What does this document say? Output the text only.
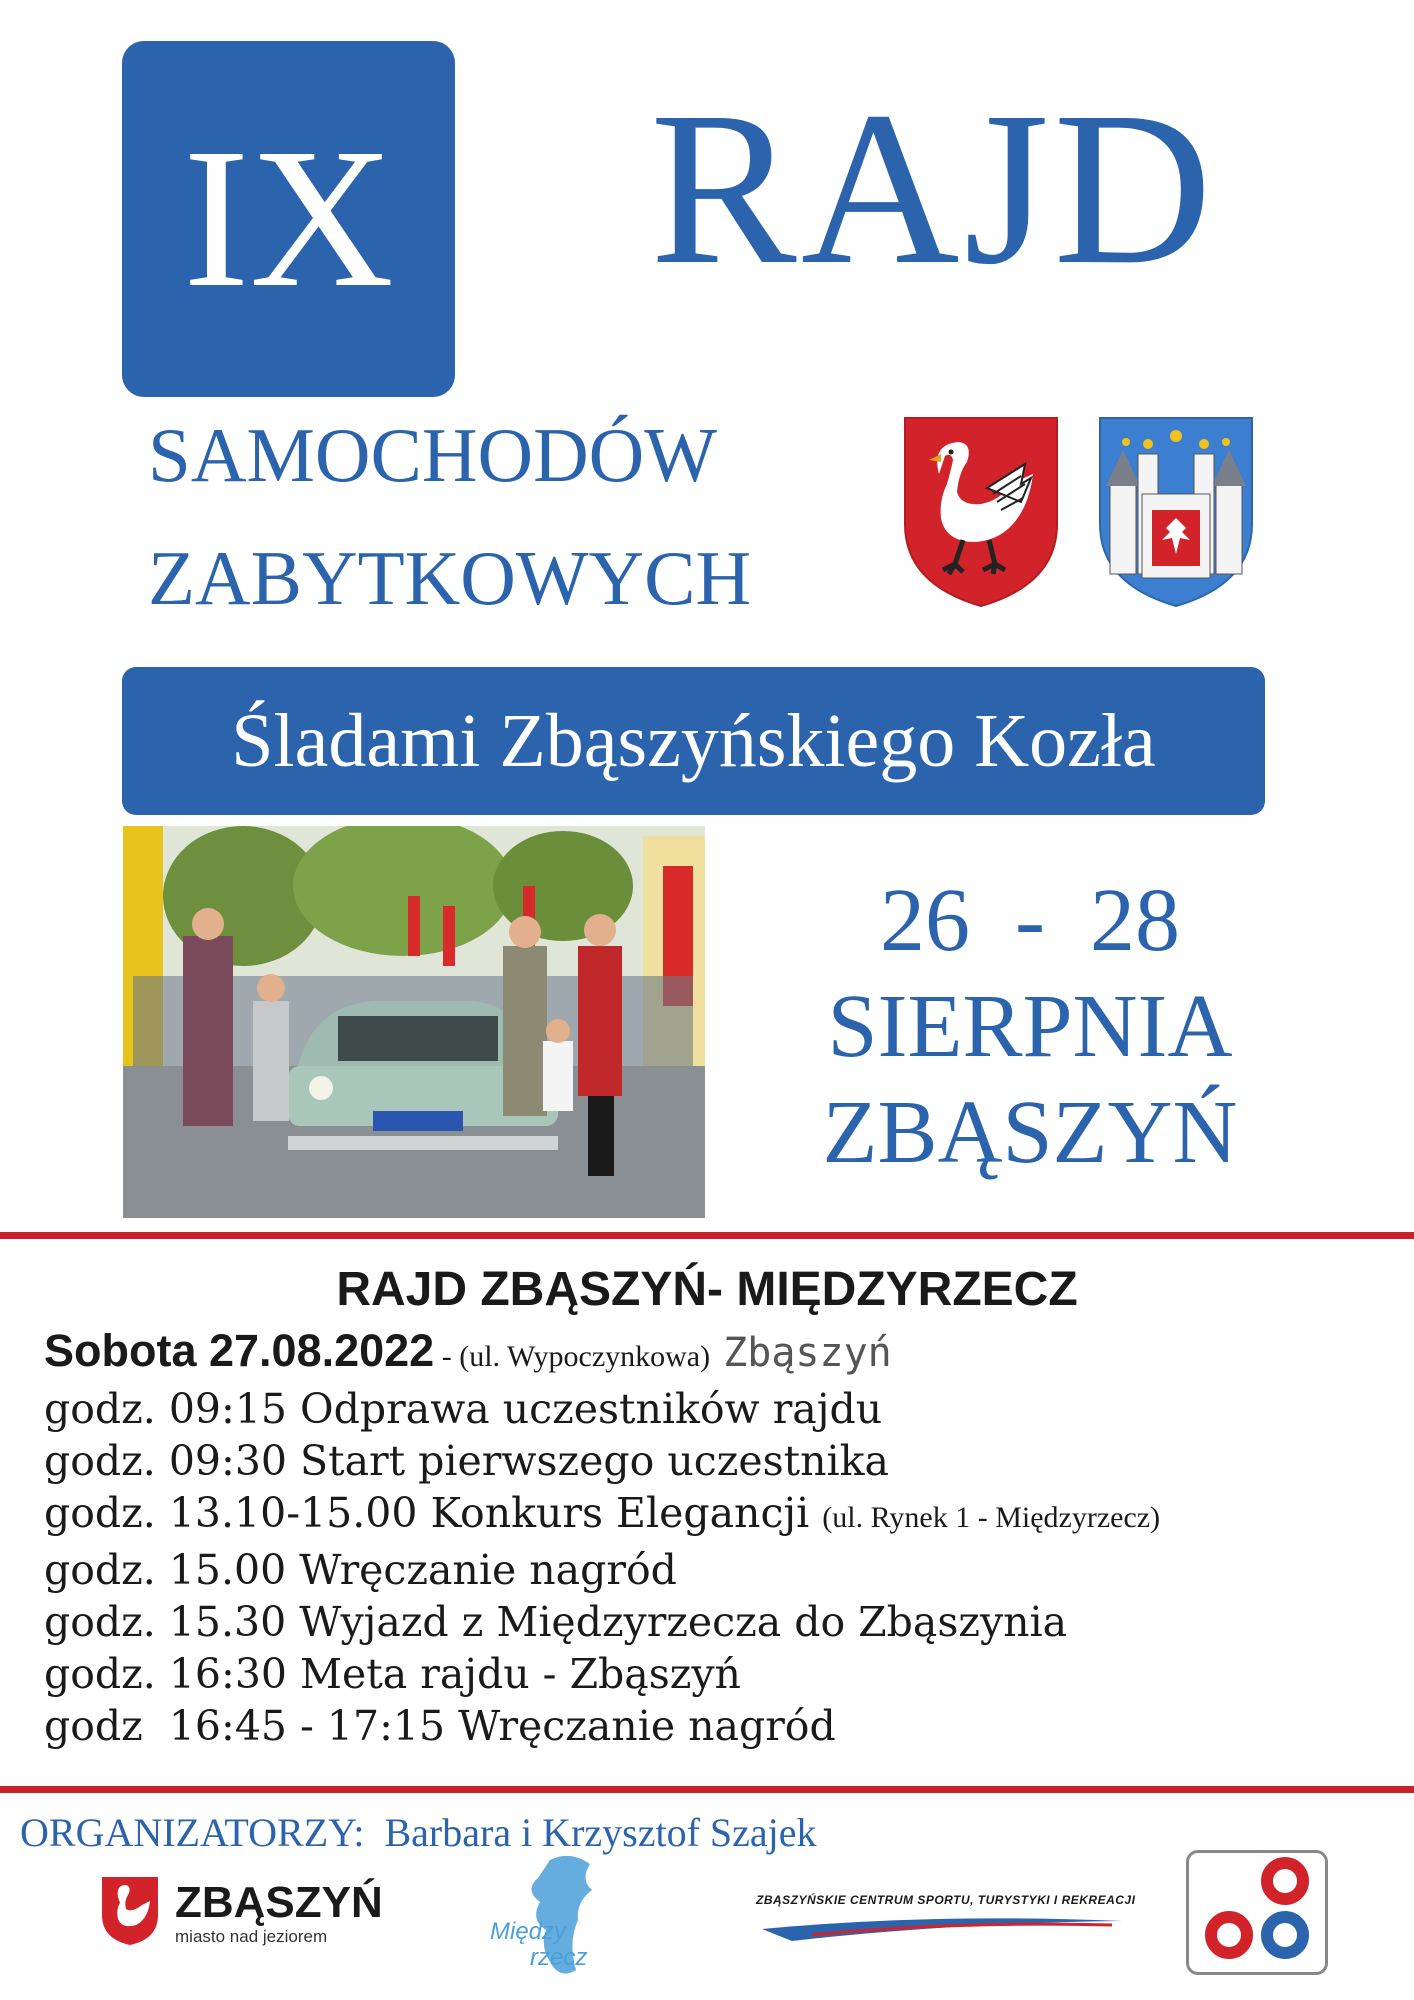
IX RAJD
SAMOCHODÓW
ZABYTKOWYCH
Śladami Zbąszyńskiego Kozła
26  -  28
SIERPNIA
ZBĄSZYŃ
RAJD ZBĄSZYŃ- MIĘDZYRZECZ
Sobota 27.08.2022 - (ul. Wypoczynkowa) Zbąszyń
godz. 09:15 Odprawa uczestników rajdu
godz. 09:30 Start pierwszego uczestnika
godz. 13.10-15.00 Konkurs Elegancji (ul. Rynek 1 - Międzyrzecz)
godz. 15.00 Wręczanie nagród
godz. 15.30 Wyjazd z Międzyrzecza do Zbąszynia
godz. 16:30 Meta rajdu - Zbąszyń
godz  16:45 - 17:15 Wręczanie nagród
ORGANIZATORZY: Barbara i Krzysztof Szajek
ZBĄSZYŃ
miasto nad jeziorem	Między
rzecz
ZBĄSZYŃSKIE CENTRUM SPORTU, TURYSTYKI I REKREACJI
